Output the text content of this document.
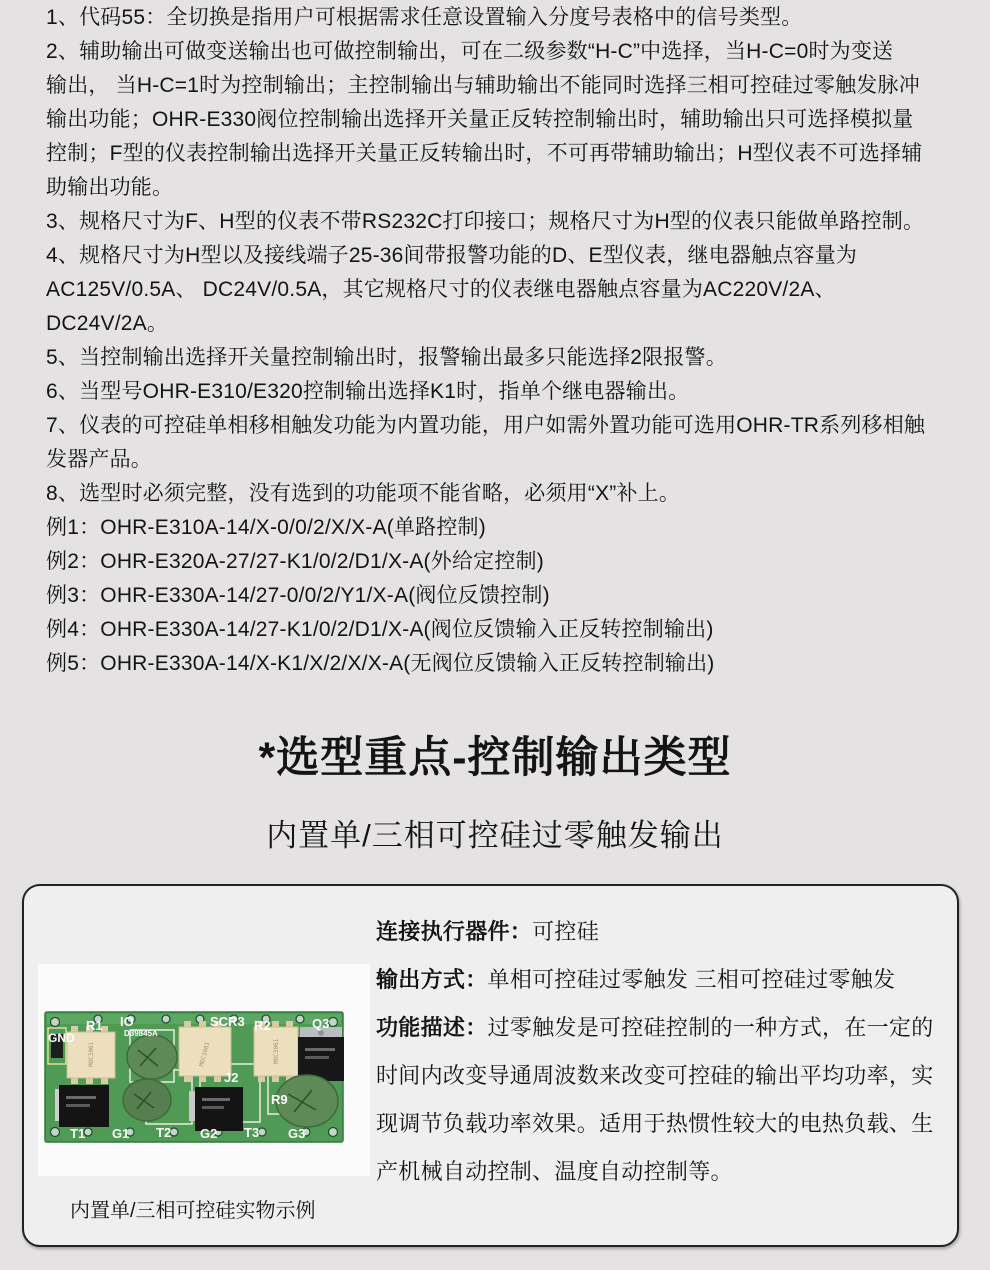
1、代码55：全切换是指用户可根据需求任意设置输入分度号表格中的信号类型。
2、辅助输出可做变送输出也可做控制输出，可在二级参数“H-C”中选择，当H-C=0时为变送
输出， 当H-C=1时为控制输出；主控制输出与辅助输出不能同时选择三相可控硅过零触发脉冲
输出功能；OHR-E330阀位控制输出选择开关量正反转控制输出时，辅助输出只可选择模拟量
控制；F型的仪表控制输出选择开关量正反转输出时，不可再带辅助输出；H型仪表不可选择辅
助输出功能。
3、规格尺寸为F、H型的仪表不带RS232C打印接口；规格尺寸为H型的仪表只能做单路控制。
4、规格尺寸为H型以及接线端子25-36间带报警功能的D、E型仪表，继电器触点容量为
AC125V/0.5A、 DC24V/0.5A，其它规格尺寸的仪表继电器触点容量为AC220V/2A、
DC24V/2A。
5、当控制输出选择开关量控制输出时，报警输出最多只能选择2限报警。
6、当型号OHR-E310/E320控制输出选择K1时，指单个继电器输出。
7、仪表的可控硅单相移相触发功能为内置功能，用户如需外置功能可选用OHR-TR系列移相触
发器产品。
8、选型时必须完整，没有选到的功能项不能省略，必须用“X”补上。
例1：OHR-E310A-14/X-0/0/2/X/X-A(单路控制)
例2：OHR-E320A-27/27-K1/0/2/D1/X-A(外给定控制)
例3：OHR-E330A-14/27-0/0/2/Y1/X-A(阀位反馈控制)
例4：OHR-E330A-14/27-K1/0/2/D1/X-A(阀位反馈输入正反转控制输出)
例5：OHR-E330A-14/X-K1/X/2/X/X-A(无阀位反馈输入正反转控制输出)
*选型重点-控制输出类型
内置单/三相可控硅过零触发输出
MOC3061	MOC3061	MOC3061
GND
R1 IO
D39845A
SCR3 R2	Q3
J2
R9
T1 G1 T2 G2 T3 G3
连接执行器件：可控硅
输出方式：单相可控硅过零触发 三相可控硅过零触发
功能描述：过零触发是可控硅控制的一种方式，在一定的时间内改变导通周波数来改变可控硅的输出平均功率，实现调节负载功率效果。适用于热惯性较大的电热负载、生产机械自动控制、温度自动控制等。
内置单/三相可控硅实物示例
